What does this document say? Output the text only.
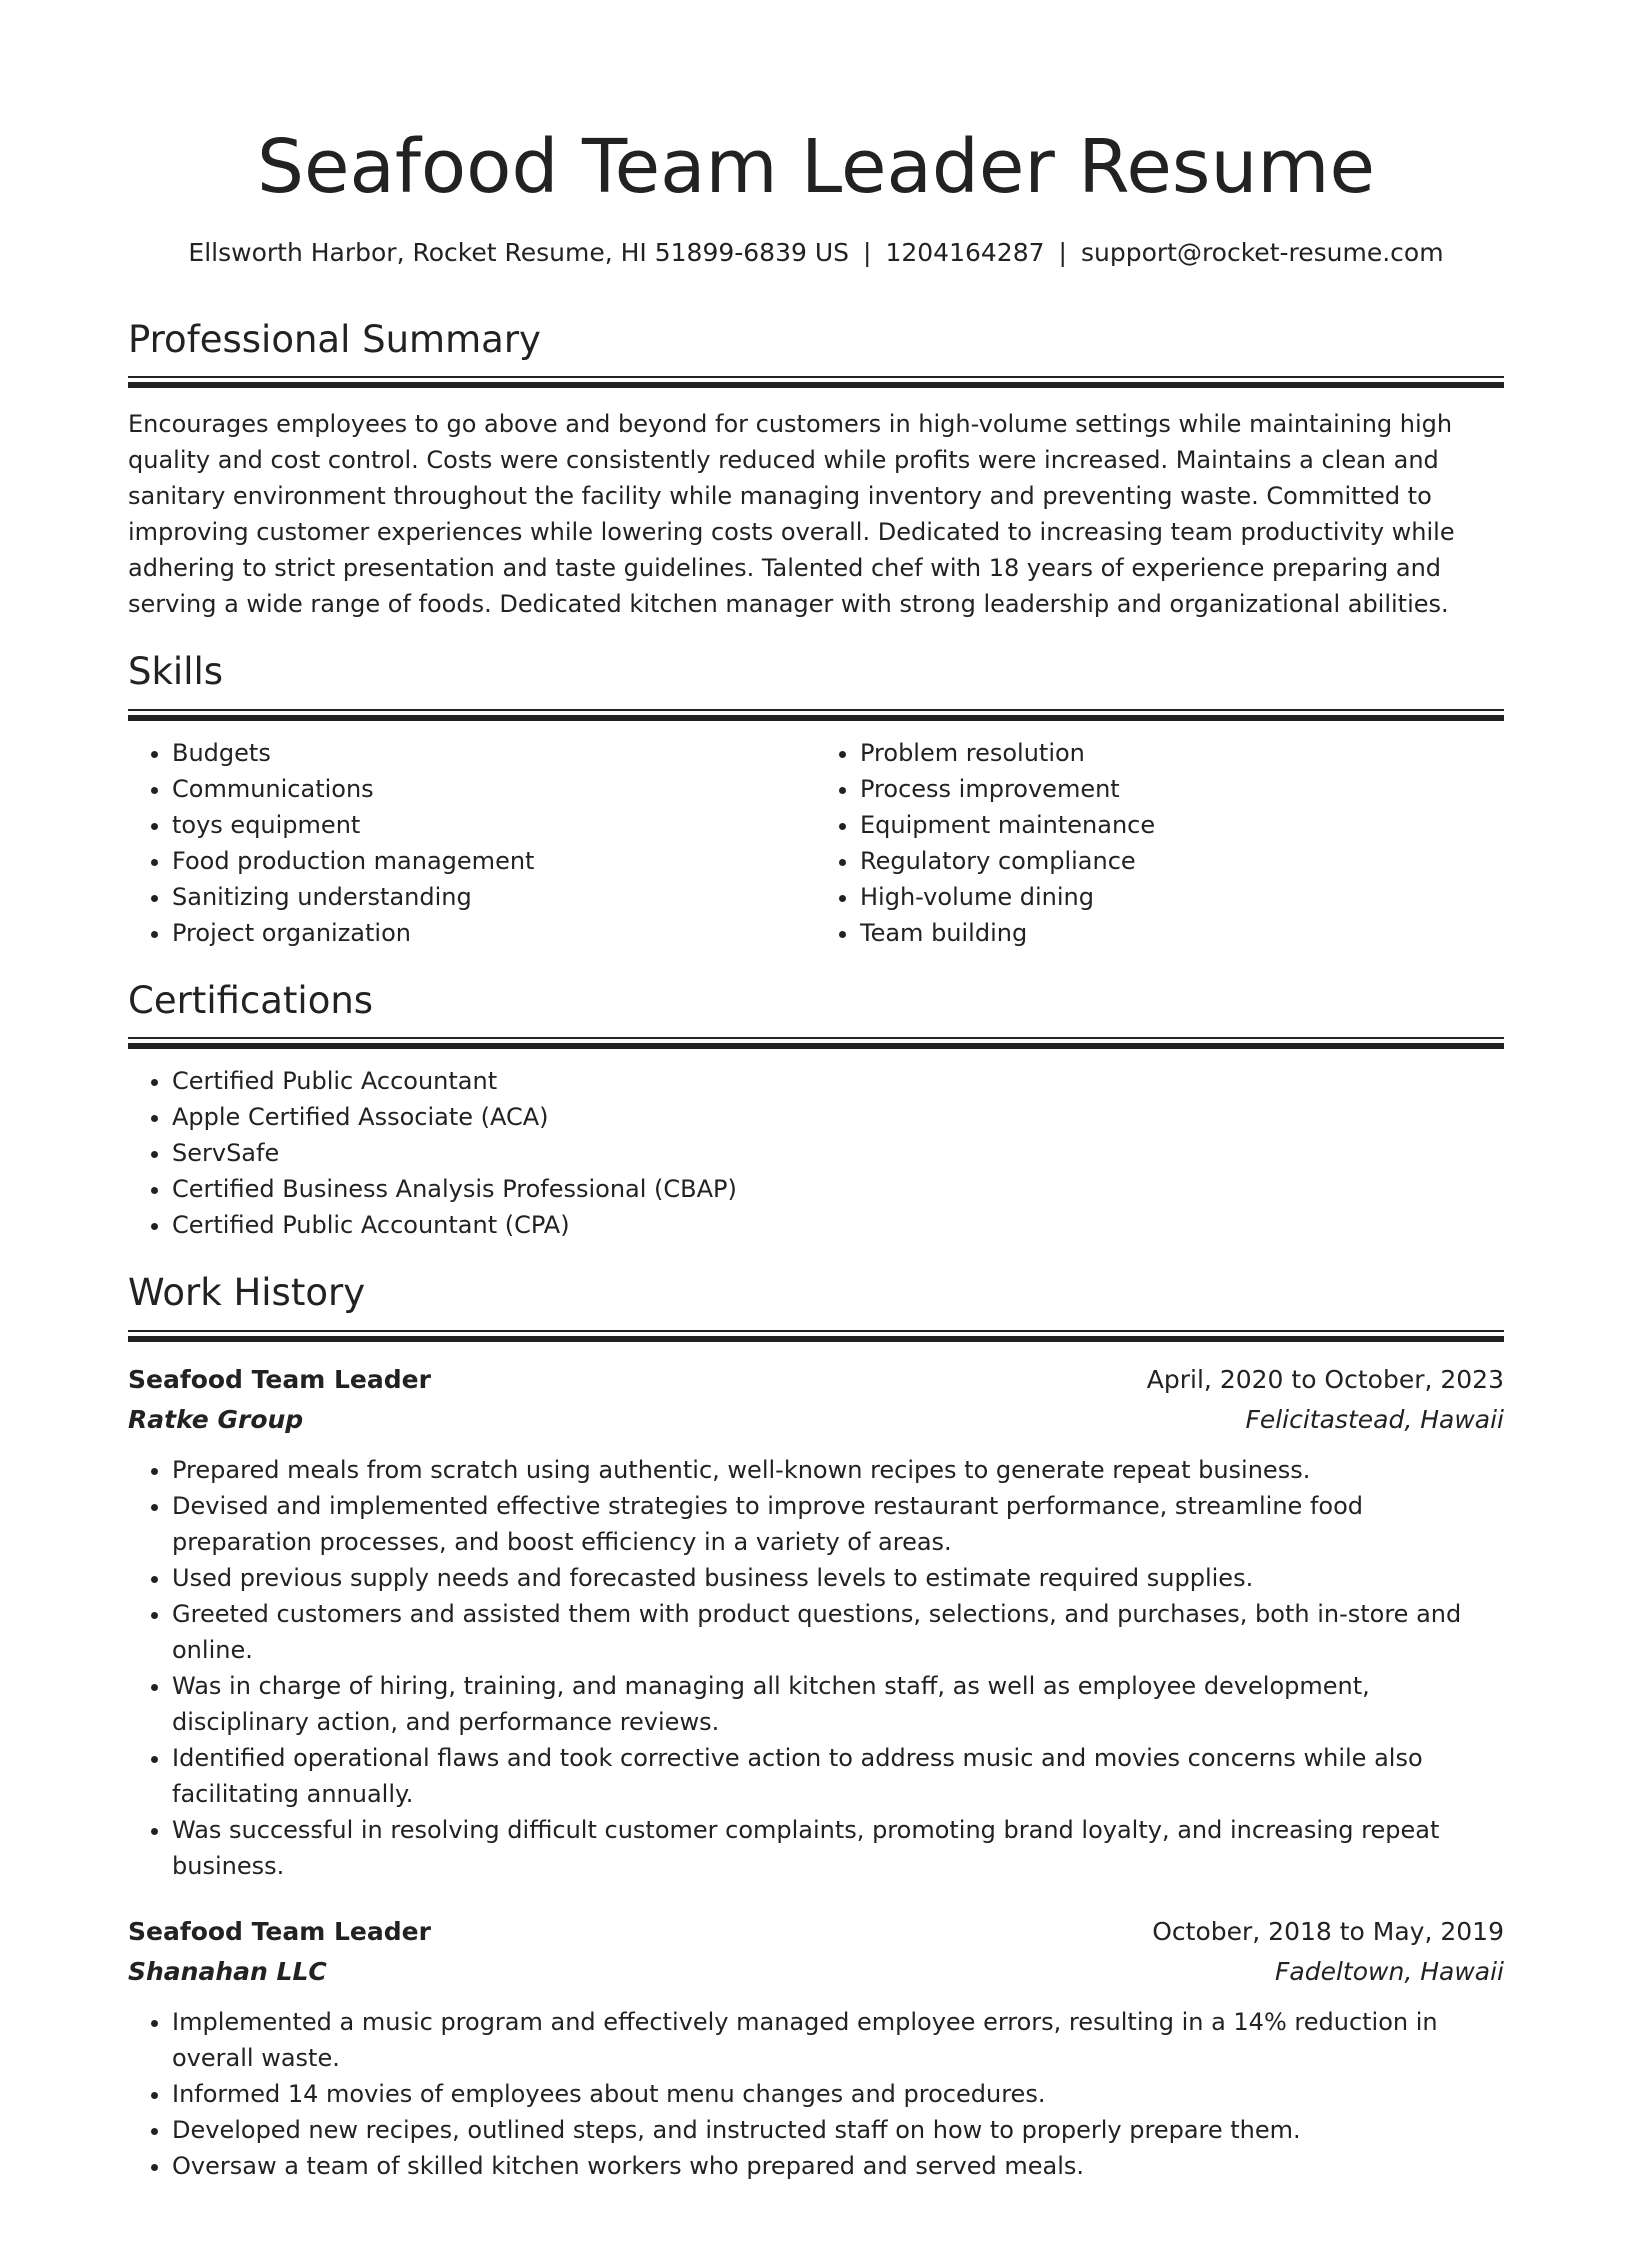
Seafood Team Leader Resume
Ellsworth Harbor, Rocket Resume, HI 51899-6839 US | 1204164287 | support@rocket-resume.com
Professional Summary

Encourages employees to go above and beyond for customers in high-volume settings while maintaining high quality and cost control. Costs were consistently reduced while profits were increased. Maintains a clean and sanitary environment throughout the facility while managing inventory and preventing waste. Committed to improving customer experiences while lowering costs overall. Dedicated to increasing team productivity while adhering to strict presentation and taste guidelines. Talented chef with 18 years of experience preparing and serving a wide range of foods. Dedicated kitchen manager with strong leadership and organizational abilities.

Skills
• Budgets
• Communications
• toys equipment
• Food production management
• Sanitizing understanding
• Project organization
• Problem resolution
• Process improvement
• Equipment maintenance
• Regulatory compliance
• High-volume dining
• Team building
Certifications
• Certified Public Accountant
• Apple Certified Associate (ACA)
• ServSafe
• Certified Business Analysis Professional (CBAP)
• Certified Public Accountant (CPA)
Work History
Seafood Team Leader	April, 2020 to October, 2023
Ratke Group	Felicitastead, Hawaii
• Prepared meals from scratch using authentic, well-known recipes to generate repeat business.
• Devised and implemented effective strategies to improve restaurant performance, streamline food preparation processes, and boost efficiency in a variety of areas.
• Used previous supply needs and forecasted business levels to estimate required supplies.
• Greeted customers and assisted them with product questions, selections, and purchases, both in-store and online.
• Was in charge of hiring, training, and managing all kitchen staff, as well as employee development, disciplinary action, and performance reviews.
• Identified operational flaws and took corrective action to address music and movies concerns while also facilitating annually.
• Was successful in resolving difficult customer complaints, promoting brand loyalty, and increasing repeat business.
Seafood Team Leader	October, 2018 to May, 2019
Shanahan LLC	Fadeltown, Hawaii
• Implemented a music program and effectively managed employee errors, resulting in a 14% reduction in overall waste.
• Informed 14 movies of employees about menu changes and procedures.
• Developed new recipes, outlined steps, and instructed staff on how to properly prepare them.
• Oversaw a team of skilled kitchen workers who prepared and served meals.
